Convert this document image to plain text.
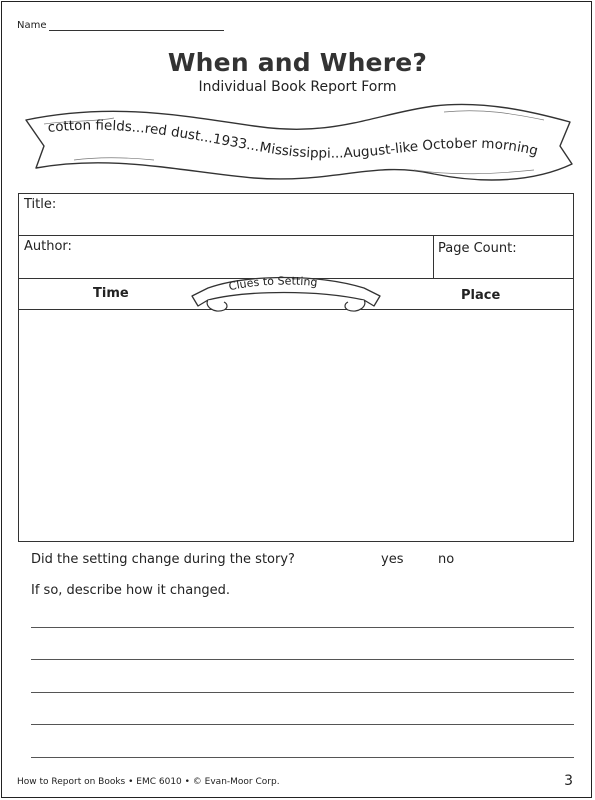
Name
When and Where?
Individual Book Report Form
cotton fields...red dust...1933...Mississippi...August-like October morning
Title:
Author:	Page Count:
Time	Place
Clues to Setting
Did the setting change during the story?	yes	no
If so, describe how it changed.
How to Report on Books • EMC 6010 • © Evan-Moor Corp.	3
